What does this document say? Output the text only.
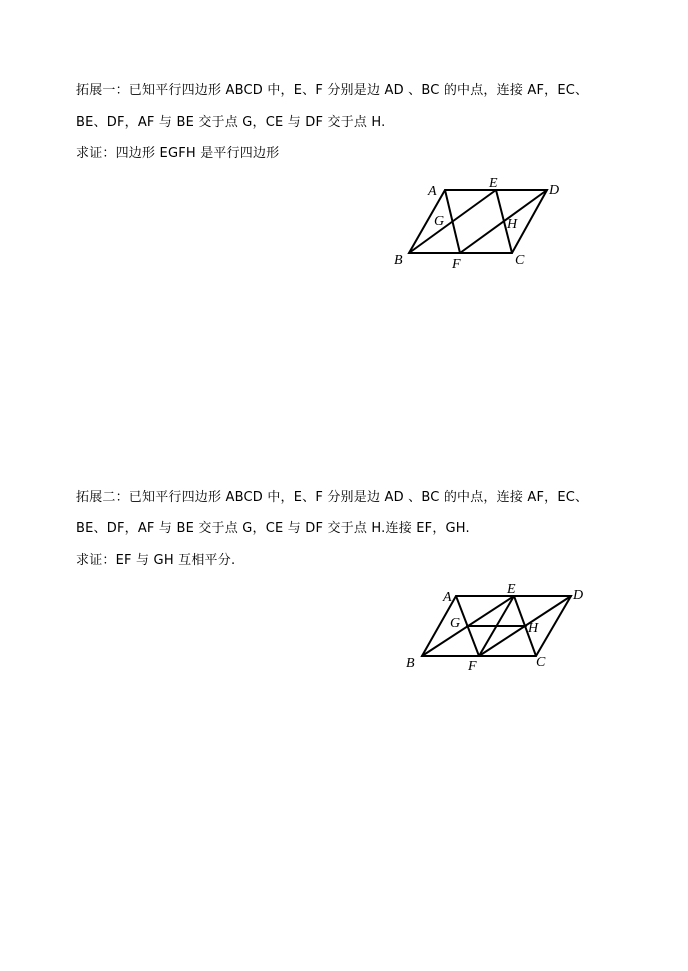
拓展一：已知平行四边形 ABCD 中，E、F 分别是边 AD 、BC 的中点，连接 AF，EC、
BE、DF，AF 与 BE 交于点 G，CE 与 DF 交于点 H.
求证：四边形 EGFH 是平行四边形
A
E	D
G	H
B	F	C
拓展二：已知平行四边形 ABCD 中，E、F 分别是边 AD 、BC 的中点，连接 AF，EC、
BE、DF，AF 与 BE 交于点 G，CE 与 DF 交于点 H.连接 EF，GH.
求证：EF 与 GH 互相平分.
A
E	D
G	H
B	F	C
